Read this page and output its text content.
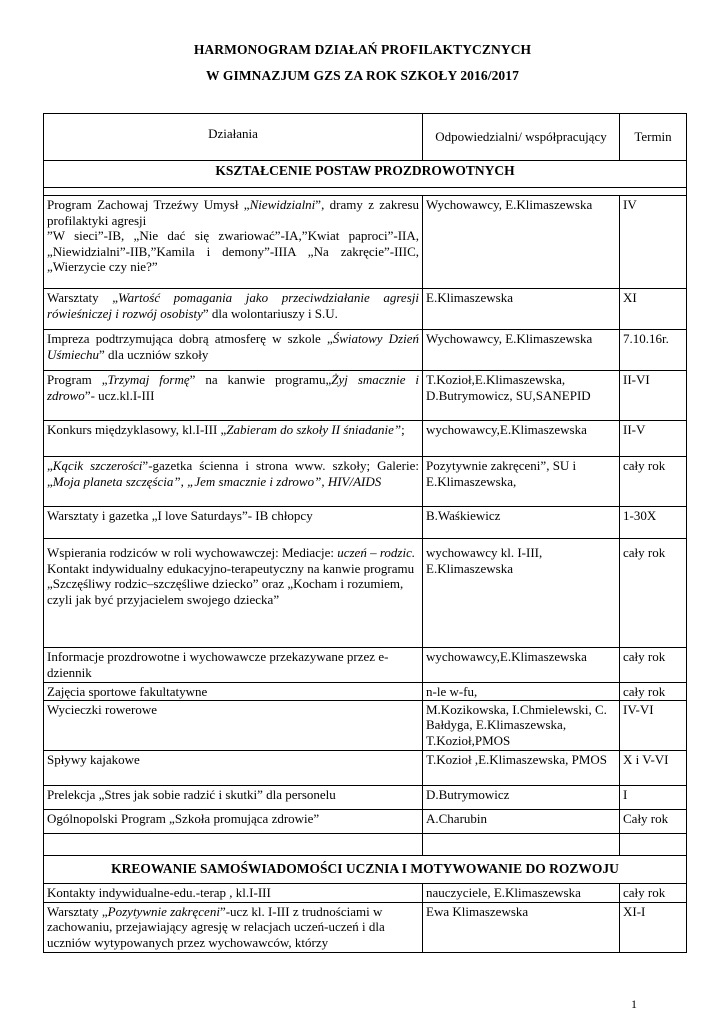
HARMONOGRAM DZIAŁAŃ PROFILAKTYCZNYCH
W GIMNAZJUM GZS ZA ROK SZKOŁY 2016/2017
Działania	Odpowiedzialni/ współpracujący	Termin
KSZTAŁCENIE POSTAW PROZDROWOTNYCH		

Program Zachowaj Trzeźwy Umysł „Niewidzialni”, dramy z zakresu profilaktyki agresji
”W sieci”-IB, „Nie dać się zwariować”-IA,”Kwiat paproci”-IIA, „Niewidzialni”-IIB,”Kamila i demony”-IIIA „Na zakręcie”-IIIC, „Wierzycie czy nie?”	Wychowawcy, E.Klimaszewska	IV
Warsztaty „Wartość pomagania jako przeciwdziałanie agresji rówieśniczej i rozwój osobisty” dla wolontariuszy i S.U.	E.Klimaszewska	XI
Impreza podtrzymująca dobrą atmosferę w szkole „Światowy Dzień Uśmiechu” dla uczniów szkoły	Wychowawcy, E.Klimaszewska	7.10.16r.
Program „Trzymaj formę” na kanwie programu„Żyj smacznie i zdrowo”- ucz.kl.I-III	T.Kozioł,E.Klimaszewska, D.Butrymowicz, SU,SANEPID	II-VI
Konkurs międzyklasowy, kl.I-III „Zabieram do szkoły II śniadanie”;	wychowawcy,E.Klimaszewska	II-V
„Kącik szczerości”-gazetka ścienna i strona www. szkoły; Galerie: „Moja planeta szczęścia”, „Jem smacznie i zdrowo”, HIV/AIDS	Pozytywnie zakręceni”, SU i E.Klimaszewska,	cały rok
Warsztaty i gazetka „I love Saturdays”- IB chłopcy	B.Waśkiewicz	1-30X
Wspierania rodziców w roli wychowawczej: Mediacje: uczeń – rodzic.
Kontakt indywidualny edukacyjno-terapeutyczny na kanwie programu „Szczęśliwy rodzic–szczęśliwe dziecko” oraz „Kocham i rozumiem, czyli jak być przyjacielem swojego dziecka”	wychowawcy kl. I-III, E.Klimaszewska	cały rok
Informacje prozdrowotne i wychowawcze przekazywane przez e-dziennik	wychowawcy,E.Klimaszewska	cały rok
Zajęcia sportowe fakultatywne	n-le w-fu,	cały rok
Wycieczki rowerowe	M.Kozikowska, I.Chmielewski, C. Bałdyga, E.Klimaszewska, T.Kozioł,PMOS	IV-VI
Spływy kajakowe	T.Kozioł ,E.Klimaszewska, PMOS	X i V-VI
Prelekcja „Stres jak sobie radzić i skutki” dla personelu	D.Butrymowicz	I
Ogólnopolski Program „Szkoła promująca zdrowie”	A.Charubin	Cały rok

KREOWANIE SAMOŚWIADOMOŚCI UCZNIA I MOTYWOWANIE DO ROZWOJU		
Kontakty indywidualne-edu.-terap , kl.I-III	nauczyciele, E.Klimaszewska	cały rok
Warsztaty „Pozytywnie zakręceni”-ucz kl. I-III z trudnościami w zachowaniu, przejawiający agresję w relacjach uczeń-uczeń i dla uczniów wytypowanych przez wychowawców, którzy	Ewa Klimaszewska	XI-I
1
